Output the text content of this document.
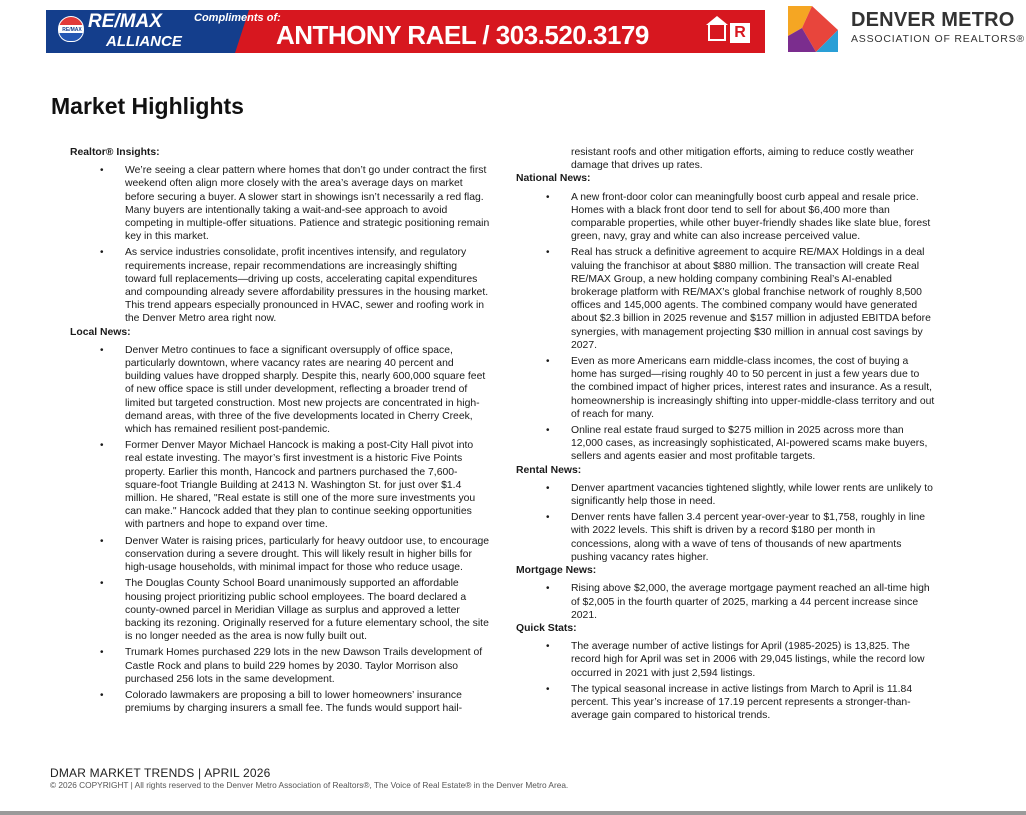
RE/MAX RE/MAX
ALLIANCE
Compliments of:
ANTHONY RAEL / 303.520.3179	R
DENVER METRO
ASSOCIATION OF REALTORS®
Market Highlights
Realtor® Insights:
• We’re seeing a clear pattern where homes that don’t go under contract the first weekend often align more closely with the area’s average days on market before securing a buyer. A slower start in showings isn’t necessarily a red flag. Many buyers are intentionally taking a wait-and-see approach to avoid competing in multiple-offer situations. Patience and strategic positioning remain key in this market.
• As service industries consolidate, profit incentives intensify, and regulatory requirements increase, repair recommendations are increasingly shifting toward full replacements—driving up costs, accelerating capital expenditures and compounding already severe affordability pressures in the housing market. This trend appears especially pronounced in HVAC, sewer and roofing work in the Denver Metro area right now.
Local News:
• Denver Metro continues to face a significant oversupply of office space, particularly downtown, where vacancy rates are nearing 40 percent and building values have dropped sharply. Despite this, nearly 600,000 square feet of new office space is still under development, reflecting a broader trend of limited but targeted construction. Most new projects are concentrated in high-demand areas, with three of the five developments located in Cherry Creek, which has remained resilient post-pandemic.
• Former Denver Mayor Michael Hancock is making a post-City Hall pivot into real estate investing. The mayor’s first investment is a historic Five Points property. Earlier this month, Hancock and partners purchased the 7,600-square-foot Triangle Building at 2413 N. Washington St. for just over $1.4 million. He shared, "Real estate is still one of the more sure investments you can make." Hancock added that they plan to continue seeking opportunities with partners and hope to expand over time.
• Denver Water is raising prices, particularly for heavy outdoor use, to encourage conservation during a severe drought. This will likely result in higher bills for high-usage households, with minimal impact for those who reduce usage.
• The Douglas County School Board unanimously supported an affordable housing project prioritizing public school employees. The board declared a county-owned parcel in Meridian Village as surplus and approved a letter backing its rezoning. Originally reserved for a future elementary school, the site is no longer needed as the area is now fully built out.
• Trumark Homes purchased 229 lots in the new Dawson Trails development of Castle Rock and plans to build 229 homes by 2030. Taylor Morrison also purchased 256 lots in the same development.
• Colorado lawmakers are proposing a bill to lower homeowners’ insurance premiums by charging insurers a small fee. The funds would support hail-
resistant roofs and other mitigation efforts, aiming to reduce costly weather damage that drives up rates.
National News:
• A new front-door color can meaningfully boost curb appeal and resale price. Homes with a black front door tend to sell for about $6,400 more than comparable properties, while other buyer-friendly shades like slate blue, forest green, navy, gray and white can also increase perceived value.
• Real has struck a definitive agreement to acquire RE/MAX Holdings in a deal valuing the franchisor at about $880 million. The transaction will create Real RE/MAX Group, a new holding company combining Real’s AI-enabled brokerage platform with RE/MAX’s global franchise network of roughly 8,500 offices and 145,000 agents. The combined company would have generated about $2.3 billion in 2025 revenue and $157 million in adjusted EBITDA before synergies, with management projecting $30 million in annual cost savings by 2027.
• Even as more Americans earn middle-class incomes, the cost of buying a home has surged—rising roughly 40 to 50 percent in just a few years due to the combined impact of higher prices, interest rates and insurance. As a result, homeownership is increasingly shifting into upper-middle-class territory and out of reach for many.
• Online real estate fraud surged to $275 million in 2025 across more than 12,000 cases, as increasingly sophisticated, AI-powered scams make buyers, sellers and agents easier and most profitable targets.
Rental News:
• Denver apartment vacancies tightened slightly, while lower rents are unlikely to significantly help those in need.
• Denver rents have fallen 3.4 percent year-over-year to $1,758, roughly in line with 2022 levels. This shift is driven by a record $180 per month in concessions, along with a wave of tens of thousands of new apartments pushing vacancy rates higher.
Mortgage News:
• Rising above $2,000, the average mortgage payment reached an all-time high of $2,005 in the fourth quarter of 2025, marking a 44 percent increase since 2021.
Quick Stats:
• The average number of active listings for April (1985-2025) is 13,825. The record high for April was set in 2006 with 29,045 listings, while the record low occurred in 2021 with just 2,594 listings.
• The typical seasonal increase in active listings from March to April is 11.84 percent. This year’s increase of 17.19 percent represents a stronger-than-average gain compared to historical trends.
DMAR MARKET TRENDS | APRIL 2026
© 2026 COPYRIGHT | All rights reserved to the Denver Metro Association of Realtors®, The Voice of Real Estate® in the Denver Metro Area.
